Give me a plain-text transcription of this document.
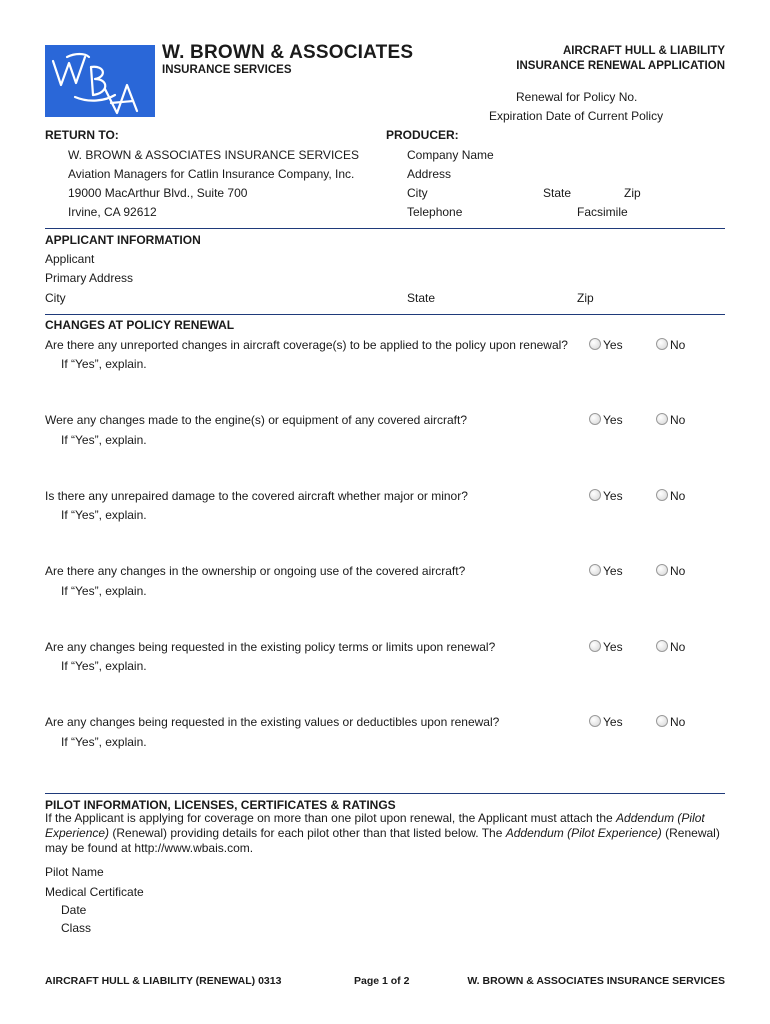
W. BROWN & ASSOCIATES
INSURANCE SERVICES
AIRCRAFT HULL & LIABILITY
INSURANCE RENEWAL APPLICATION
Renewal for Policy No.
Expiration Date of Current Policy
RETURN TO:
W. BROWN & ASSOCIATES INSURANCE SERVICES
Aviation Managers for Catlin Insurance Company, Inc.
19000 MacArthur Blvd., Suite 700
Irvine, CA 92612
PRODUCER:
Company Name
Address
City	State	Zip
Telephone	Facsimile
APPLICANT INFORMATION
Applicant
Primary Address
City	State	Zip
CHANGES AT POLICY RENEWAL
Are there any unreported changes in aircraft coverage(s) to be applied to the policy upon renewal?	Yes	No
If “Yes”, explain.
Were any changes made to the engine(s) or equipment of any covered aircraft?	Yes	No
If “Yes”, explain.
Is there any unrepaired damage to the covered aircraft whether major or minor?	Yes	No
If “Yes”, explain.
Are there any changes in the ownership or ongoing use of the covered aircraft?	Yes	No
If “Yes”, explain.
Are any changes being requested in the existing policy terms or limits upon renewal?	Yes	No
If “Yes”, explain.
Are any changes being requested in the existing values or deductibles upon renewal?	Yes	No
If “Yes”, explain.
PILOT INFORMATION, LICENSES, CERTIFICATES & RATINGS
If the Applicant is applying for coverage on more than one pilot upon renewal, the Applicant must attach the Addendum (Pilot Experience) (Renewal) providing details for each pilot other than that listed below. The Addendum (Pilot Experience) (Renewal) may be found at http://www.wbais.com.
Pilot Name
Medical Certificate
Date
Class
AIRCRAFT HULL & LIABILITY (RENEWAL) 0313	Page 1 of 2	W. BROWN & ASSOCIATES INSURANCE SERVICES
